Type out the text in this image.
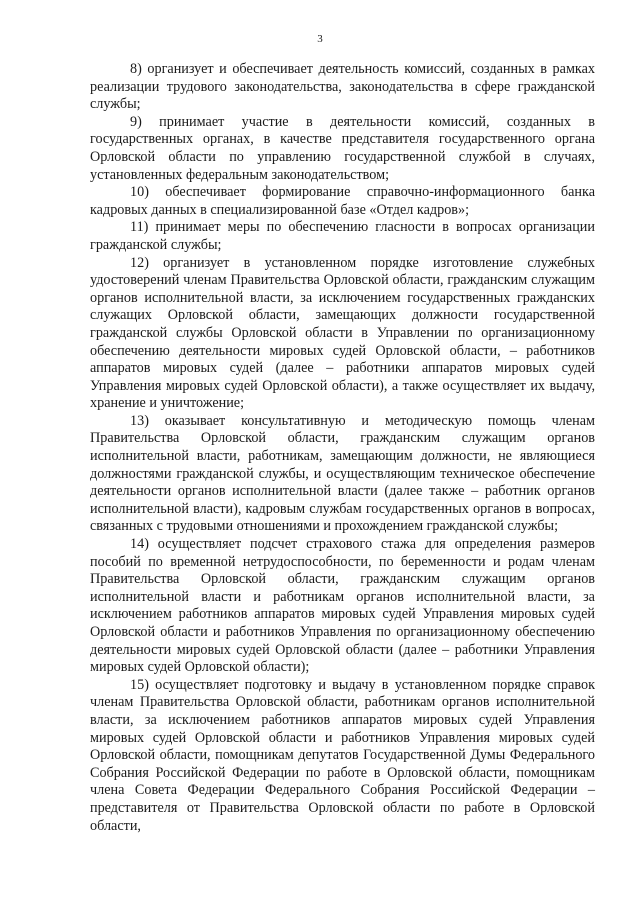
3

8) организует и обеспечивает деятельность комиссий, созданных в рамках реализации трудового законодательства, законодательства в сфере гражданской службы;

9) принимает участие в деятельности комиссий, созданных в государственных органах, в качестве представителя государственного органа Орловской области по управлению государственной службой в случаях, установленных федеральным законодательством;

10) обеспечивает формирование справочно-информационного банка кадровых данных в специализированной базе «Отдел кадров»;

11) принимает меры по обеспечению гласности в вопросах организации гражданской службы;

12) организует в установленном порядке изготовление служебных удостоверений членам Правительства Орловской области, гражданским служащим органов исполнительной власти, за исключением государственных гражданских служащих Орловской области, замещающих должности государственной гражданской службы Орловской области в Управлении по организационному обеспечению деятельности мировых судей Орловской области, – работников аппаратов мировых судей (далее – работники аппаратов мировых судей Управления мировых судей Орловской области), а также осуществляет их выдачу, хранение и уничтожение;

13) оказывает консультативную и методическую помощь членам Правительства Орловской области, гражданским служащим органов исполнительной власти, работникам, замещающим должности, не являющиеся должностями гражданской службы, и осуществляющим техническое обеспечение деятельности органов исполнительной власти (далее также – работник органов исполнительной власти), кадровым службам государственных органов в вопросах, связанных с трудовыми отношениями и прохождением гражданской службы;

14) осуществляет подсчет страхового стажа для определения размеров пособий по временной нетрудоспособности, по беременности и родам членам Правительства Орловской области, гражданским служащим органов исполнительной власти и работникам органов исполнительной власти, за исключением работников аппаратов мировых судей Управления мировых судей Орловской области и работников Управления по организационному обеспечению деятельности мировых судей Орловской области (далее – работники Управления мировых судей Орловской области);

15) осуществляет подготовку и выдачу в установленном порядке справок членам Правительства Орловской области, работникам органов исполнительной власти, за исключением работников аппаратов мировых судей Управления мировых судей Орловской области и работников Управления мировых судей Орловской области, помощникам депутатов Государственной Думы Федерального Собрания Российской Федерации по работе в Орловской области, помощникам члена Совета Федерации Федерального Собрания Российской Федерации – представителя от Правительства Орловской области по работе в Орловской области,
